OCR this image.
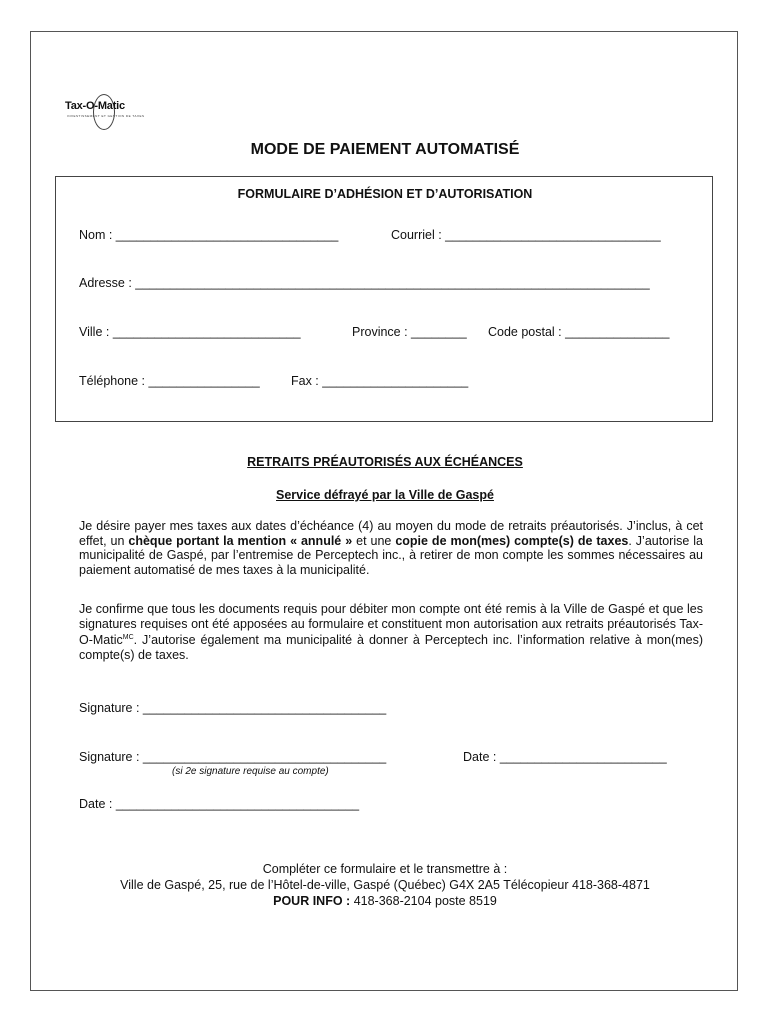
Tax-O-Matic
INVESTISSEMENT ET GESTION DE TAXES
MODE DE PAIEMENT AUTOMATISÉ
FORMULAIRE D’ADHÉSION ET D’AUTORISATION
Nom : ________________________________	Courriel : _______________________________
Adresse : __________________________________________________________________________
Ville : ___________________________	Province : ________ Code postal : _______________
Téléphone : ________________	Fax : _____________________
RETRAITS PRÉAUTORISÉS AUX ÉCHÉANCES
Service défrayé par la Ville de Gaspé
Je désire payer mes taxes aux dates d’échéance (4) au moyen du mode de retraits préautorisés. J’inclus, à cet effet, un chèque portant la mention « annulé » et une copie de mon(mes) compte(s) de taxes. J’autorise la municipalité de Gaspé, par l’entremise de Perceptech inc., à retirer de mon compte les sommes nécessaires au paiement automatisé de mes taxes à la municipalité.
Je confirme que tous les documents requis pour débiter mon compte ont été remis à la Ville de Gaspé et que les signatures requises ont été apposées au formulaire et constituent mon autorisation aux retraits préautorisés Tax-O-Matic$^{MC}$. J’autorise également ma municipalité à donner à Perceptech inc. l’information relative à mon(mes) compte(s) de taxes.
Signature : ___________________________________
Signature : ___________________________________	Date : ________________________
(si 2e signature requise au compte)
Date : ___________________________________
Compléter ce formulaire et le transmettre à :
Ville de Gaspé, 25, rue de l’Hôtel-de-ville, Gaspé (Québec) G4X 2A5 Télécopieur 418-368-4871
POUR INFO : 418-368-2104 poste 8519
